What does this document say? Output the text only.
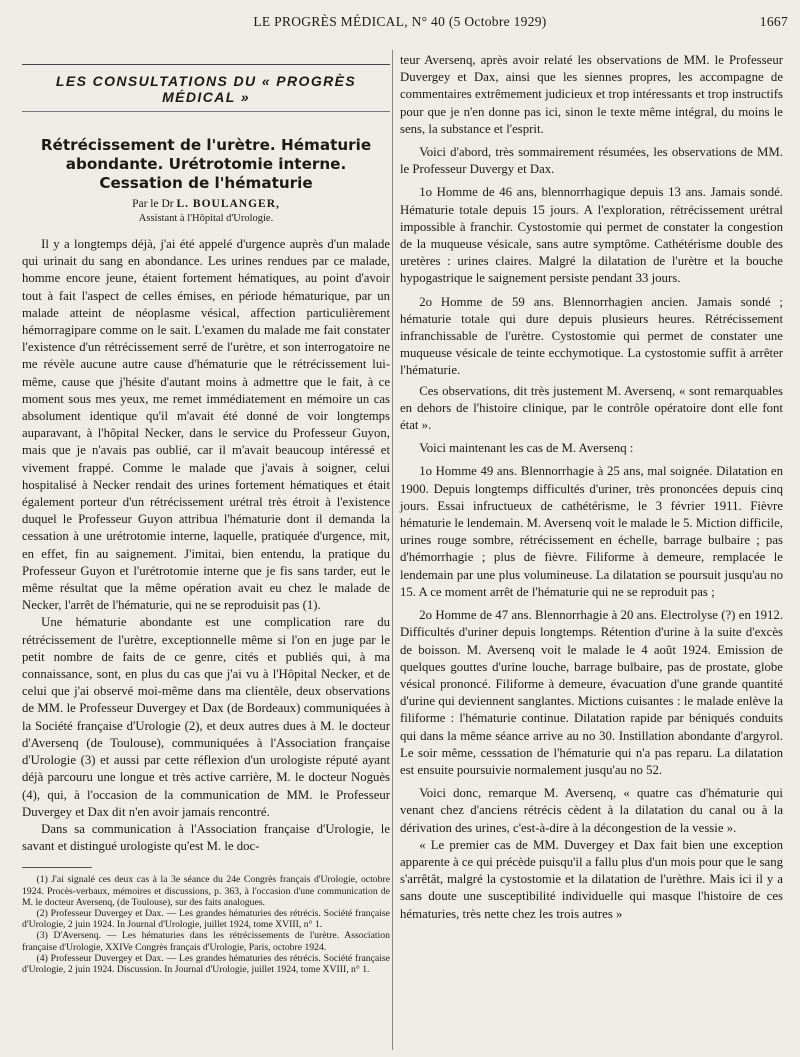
LE PROGRÈS MÉDICAL, N° 40 (5 Octobre 1929)	1667
LES CONSULTATIONS DU « PROGRÈS MÉDICAL »
Rétrécissement de l'urètre. Hématurie
abondante. Urétrotomie interne.
Cessation de l'hématurie
Par le Dr L. BOULANGER,
Assistant à l'Hôpital d'Urologie.

Il y a longtemps déjà, j'ai été appelé d'urgence auprès d'un malade qui urinait du sang en abondance. Les urines rendues par ce malade, homme encore jeune, étaient fortement hématiques, au point d'avoir tout à fait l'aspect de celles émises, en période hématurique, par un malade atteint de néoplasme vésical, affection particulièrement hémorragipare comme on le sait. L'examen du malade me fait constater l'existence d'un rétrécissement serré de l'urètre, et son interrogatoire ne me révèle aucune autre cause d'hématurie que le rétrécissement lui-même, cause que j'hésite d'autant moins à admettre que le fait, à ce moment sous mes yeux, me remet immédiatement en mémoire un cas absolument identique qu'il m'avait été donné de voir longtemps auparavant, à l'hôpital Necker, dans le service du Professeur Guyon, mais que je n'avais pas oublié, car il m'avait beaucoup intéressé et vivement frappé. Comme le malade que j'avais à soigner, celui hospitalisé à Necker rendait des urines fortement hématiques et était également porteur d'un rétrécissement urétral très étroit à l'existence duquel le Professeur Guyon attribua l'hématurie dont il demanda la cessation à une urétrotomie interne, laquelle, pratiquée d'urgence, mit, en effet, fin au saignement. J'imitai, bien entendu, la pratique du Professeur Guyon et l'urétrotomie interne que je fis sans tarder, eut le même résultat que la même opération avait eu chez le malade de Necker, l'arrêt de l'hématurie, qui ne se reproduisit pas (1).

Une hématurie abondante est une complication rare du rétrécissement de l'urètre, exceptionnelle même si l'on en juge par le petit nombre de faits de ce genre, cités et publiés qui, à ma connaissance, sont, en plus du cas que j'ai vu à l'Hôpital Necker, et de celui que j'ai observé moi-même dans ma clientèle, deux observations de MM. le Professeur Duvergey et Dax (de Bordeaux) communiquées à la Société française d'Urologie (2), et deux autres dues à M. le docteur d'Aversenq (de Toulouse), communiquées à l'Association française d'Urologie (3) et aussi par cette réflexion d'un urologiste réputé ayant déjà parcouru une longue et très active carrière, M. le docteur Noguès (4), qui, à l'occasion de la communication de MM. le Professeur Duvergey et Dax dit n'en avoir jamais rencontré.

Dans sa communication à l'Association française d'Urologie, le savant et distingué urologiste qu'est M. le doc-

(1) J'ai signalé ces deux cas à la 3e séance du 24e Congrès français d'Urologie, octobre 1924. Procès-verbaux, mémoires et discussions, p. 363, à l'occasion d'une communication de M. le docteur Aversenq, (de Toulouse), sur des faits analogues.

(2) Professeur Duvergey et Dax. — Les grandes hématuries des rétrécis. Société française d'Urologie, 2 juin 1924. In Journal d'Urologie, juillet 1924, tome XVIII, n° 1.

(3) D'Aversenq. — Les hématuries dans les rétrécissements de l'urètre. Association française d'Urologie, XXIVe Congrès français d'Urologie, Paris, octobre 1924.

(4) Professeur Duvergey et Dax. — Les grandes hématuries des rétrécis. Société française d'Urologie, 2 juin 1924. Discussion. In Journal d'Urologie, juillet 1924, tome XVIII, n° 1.

teur Aversenq, après avoir relaté les observations de MM. le Professeur Duvergey et Dax, ainsi que les siennes propres, les accompagne de commentaires extrêmement judicieux et trop intéressants et trop instructifs pour que je n'en donne pas ici, sinon le texte même intégral, du moins le sens, la substance et l'esprit.

Voici d'abord, très sommairement résumées, les observations de MM. le Professeur Duvergy et Dax.

1o Homme de 46 ans, blennorrhagique depuis 13 ans. Jamais sondé. Hématurie totale depuis 15 jours. A l'exploration, rétrécissement urétral impossible à franchir. Cystostomie qui permet de constater la congestion de la muqueuse vésicale, sans autre symptôme. Cathétérisme double des uretères : urines claires. Malgré la dilatation de l'urètre et la bouche hypogastrique le saignement persiste pendant 33 jours.

2o Homme de 59 ans. Blennorrhagien ancien. Jamais sondé ; hématurie totale qui dure depuis plusieurs heures. Rétrécissement infranchissable de l'urètre. Cystostomie qui permet de constater une muqueuse vésicale de teinte ecchymotique. La cystostomie suffit à arrêter l'hématurie.

Ces observations, dit très justement M. Aversenq, « sont remarquables en dehors de l'histoire clinique, par le contrôle opératoire dont elle font état ».

Voici maintenant les cas de M. Aversenq :

1o Homme 49 ans. Blennorrhagie à 25 ans, mal soignée. Dilatation en 1900. Depuis longtemps difficultés d'uriner, très prononcées depuis cinq jours. Essai infructueux de cathétérisme, le 3 février 1911. Fièvre hématurie le lendemain. M. Aversenq voit le malade le 5. Miction difficile, urines rouge sombre, rétrécissement en échelle, barrage bulbaire ; pas d'hémorrhagie ; plus de fièvre. Filiforme à demeure, remplacée le lendemain par une plus volumineuse. La dilatation se poursuit jusqu'au no 15. A ce moment arrêt de l'hématurie qui ne se reproduit pas ;

2o Homme de 47 ans. Blennorrhagie à 20 ans. Electrolyse (?) en 1912. Difficultés d'uriner depuis longtemps. Rétention d'urine à la suite d'excès de boisson. M. Aversenq voit le malade le 4 août 1924. Emission de quelques gouttes d'urine louche, barrage bulbaire, pas de prostate, globe vésical prononcé. Filiforme à demeure, évacuation d'une grande quantité d'urine qui deviennent sanglantes. Mictions cuisantes : le malade enlève la filiforme : l'hématurie continue. Dilatation rapide par béniqués conduits qui dans la même séance arrive au no 30. Instillation abondante d'argyrol. Le soir même, cesssation de l'hématurie qui n'a pas reparu. La dilatation est ensuite poursuivie normalement jusqu'au no 52.

Voici donc, remarque M. Aversenq, « quatre cas d'hématurie qui venant chez d'anciens rétrécis cèdent à la dilatation du canal ou à la dérivation des urines, c'est-à-dire à la décongestion de la vessie ».

« Le premier cas de MM. Duvergey et Dax fait bien une exception apparente à ce qui précède puisqu'il a fallu plus d'un mois pour que le sang s'arrêtât, malgré la cystostomie et la dilatation de l'urèthre. Mais ici il y a sans doute une susceptibilité individuelle qui masque l'histoire de ces hématuries, très nette chez les trois autres »
